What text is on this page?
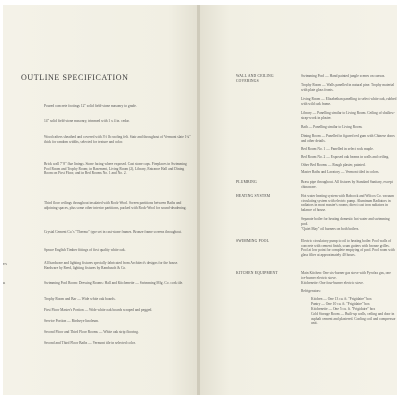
OUTLINE SPECIFICATION
Poured concrete footings 12" solid field-stone masonry to grade.
14" solid field-stone masonry, trimmed with 1 x 4 in. cedar.
Wood rafters sheathed and covered with 3½ lb roofing felt. Stair and throughout of Vermont slate 1¼" thick for random widths, selected for texture and color.
Brick wall 7' 8" flue linings. Stone facing where exposed. Cast stone caps. Fireplaces in Swimming Pool Room and Trophy Room; in Basement, Living Room (2), Library, Entrance Hall and Dining Room on First Floor, and in Bed Rooms No. 1 and No. 2.
Third floor ceilings throughout insulated with Rock-Wool. Screen partitions between Baths and adjoining spaces, plus some other interior partitions, packed with Rock-Wool for sound-deadening.
Crystal Cement Co.'s "Thermo" type set in cast-stone frames. Bronze frame screens throughout.
Spruce English Timber fittings of first quality white oak.
All hardware and lighting fixtures specially fabricated from Architect's designs for the house. Hardware by Reed, lighting fixtures by Rambusch & Co.
Swimming Pool Room: Dressing Rooms: Hall and Kitchenette — Swimming Mfg. Co. cork tile.
Trophy Room and Bar — Wide white oak boards.
First Floor Master's Portion — Wide white oak boards scraped and pegged.
Service Portion — Birdseye linoleum.
Second Floor and Third Floor Rooms — White oak strip flooring.
Second and Third Floor Baths — Vermont tile in selected color.
ES
R
WALL AND CEILING COVERINGS
Swimming Pool — Hand painted jungle scenes on canvas.
Trophy Room — Walls panelled in natural pine. Trophy material with plate glass fronts.
Living Room — Elizabethan panelling to select white oak, rubbed with wild oak frame.
Library — Panelling similar to Living Room. Ceiling of shallow-strap-work in plaster.
Bath — Panelling similar to Living Room.
Dining Room — Panelled in figured red gum with Chinese doors and other details.
Bed Room No. 1 — Panelled in select rock maple.
Bed Room No. 2 — Exposed oak beams in walls and ceiling.
Other Bed Rooms — Rough plaster, painted.
Master Baths and Lavatory — Vermont tiled in colors.
PLUMBING	Brass pipe throughout. All fixtures by Standard Sanitary, except chinaware.
HEATING SYSTEM	Hot water heating system with Babcock and Wilcox Co. vacuum circulating system with electric pump. Aluminum Radiators in radiators in most master's rooms; direct cast iron radiators in balance of house.
Separate boiler for heating domestic hot water and swimming pool.
"Quiet May" oil burners on both boilers.
SWIMMING POOL	Electric circulatory pump to oil to heating boiler. Pool walls of concrete with cement finish, scum gutters with bronze grilles. Pool at low point for complete emptying of pool. Pool room with glass filter at approximately 40 hours.
KITCHEN EQUIPMENT	Main Kitchen: One six-burner gas stove with Pyrofax gas, one ice-burner electric stove.
Kitchenette: One four-burner electric stove.
Refrigerators:
Kitchen — One 13 cu. ft. "Frigidaire" box
Pantry — One 10 cu. ft. "Frigidaire" box
Kitchenette — One 5 cu. ft. "Frigidaire" box
Cold Storage Room — Built-up walls, ceiling and door in asphalt cement and plastered. Cooling coil and compressor unit.
